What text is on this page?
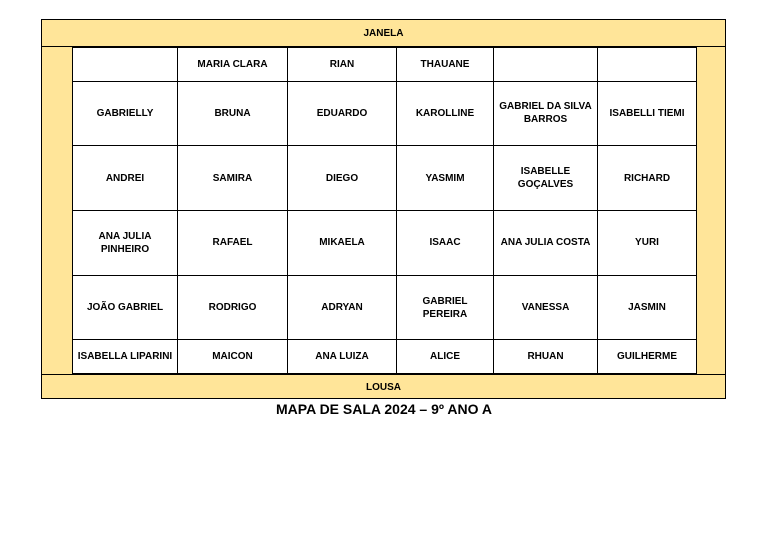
JANELA
	MARIA CLARA	RIAN	THAUANE		
GABRIELLY	BRUNA	EDUARDO	KAROLLINE	GABRIEL DA SILVA BARROS	ISABELLI TIEMI
ANDREI	SAMIRA	DIEGO	YASMIM	ISABELLE GOÇALVES	RICHARD
ANA JULIA PINHEIRO	RAFAEL	MIKAELA	ISAAC	ANA JULIA COSTA	YURI
JOÃO GABRIEL	RODRIGO	ADRYAN	GABRIEL PEREIRA	VANESSA	JASMIN
ISABELLA LIPARINI	MAICON	ANA LUIZA	ALICE	RHUAN	GUILHERME
LOUSA
MAPA DE SALA 2024 – 9º ANO A
